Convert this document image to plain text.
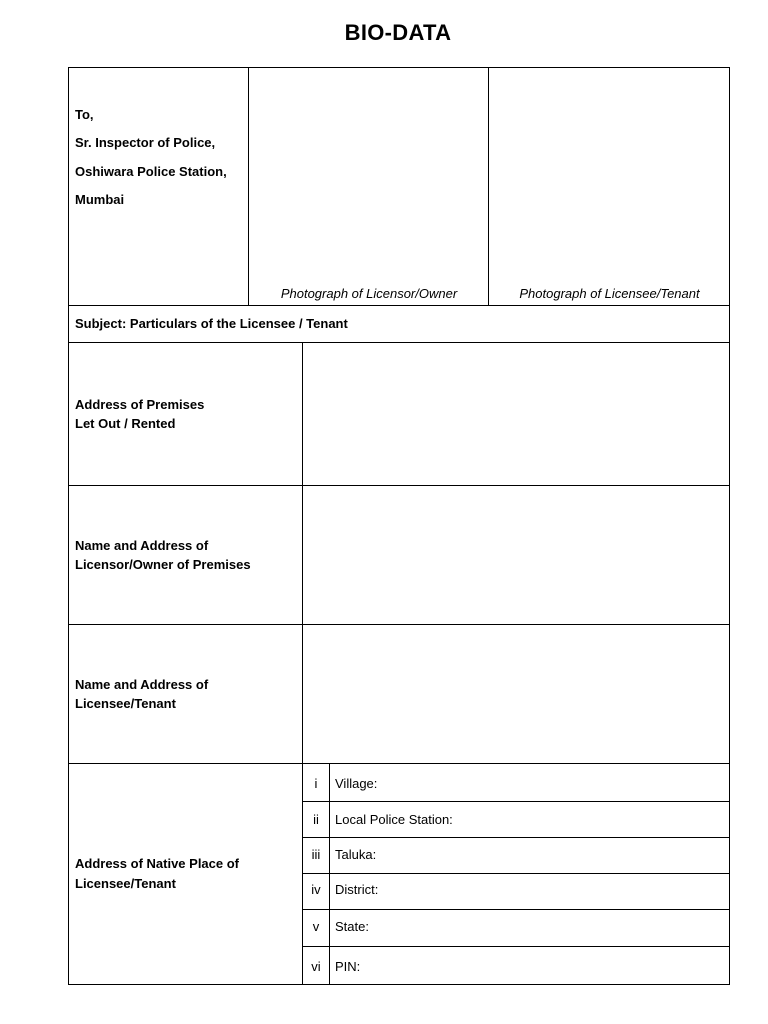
BIO-DATA
To,
Sr. Inspector of Police,
Oshiwara Police Station,
Mumbai
Photograph of Licensor/Owner	Photograph of Licensee/Tenant
Subject: Particulars of the Licensee / Tenant
Address of Premises
Let Out / Rented
Name and Address of
Licensor/Owner of Premises
Name and Address of
Licensee/Tenant
Address of Native Place of
Licensee/Tenant
i	Village:
ii	Local Police Station:
iii	Taluka:
iv	District:
v	State:
vi	PIN:
